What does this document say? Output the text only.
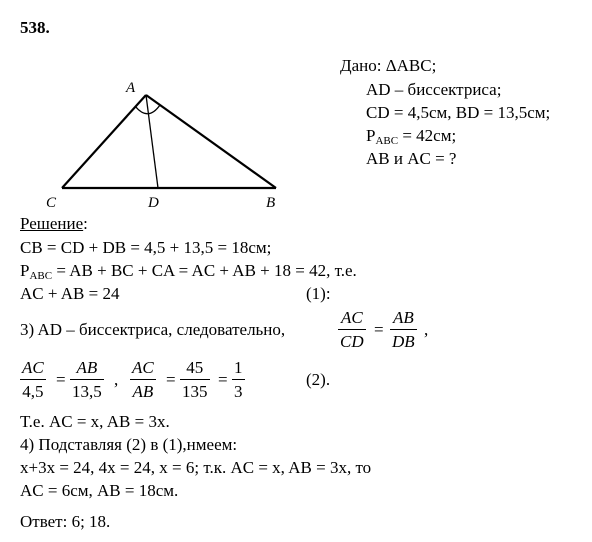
538.
A
C	D	B
Дано: ΔABC;
AD – биссектриса;
CD = 4,5см, BD = 13,5см;
$P_{ABC} = 42см$;
AB и AC = ?
Решение:
CB = CD + DB = 4,5 + 13,5 = 18см;
$P_{ABC}$ = AB + BC + CA = AC + AB + 18 = 42, т.е.
AC + AB = 24	(1):
3) AD – биссектриса, следовательно,
AC
CD
=
AB
DB
,
AC
4,5
=
AB
13,5
,
AC
AB
=
45
135
=
1
3
(2).
Т.е. AC = x, AB = 3x.
4) Подставляя (2) в (1),нмеем:
x+3x = 24, 4x = 24, x = 6; т.к. AC = x, AB = 3x, то
AC = 6см, AB = 18см.
Ответ: 6; 18.
